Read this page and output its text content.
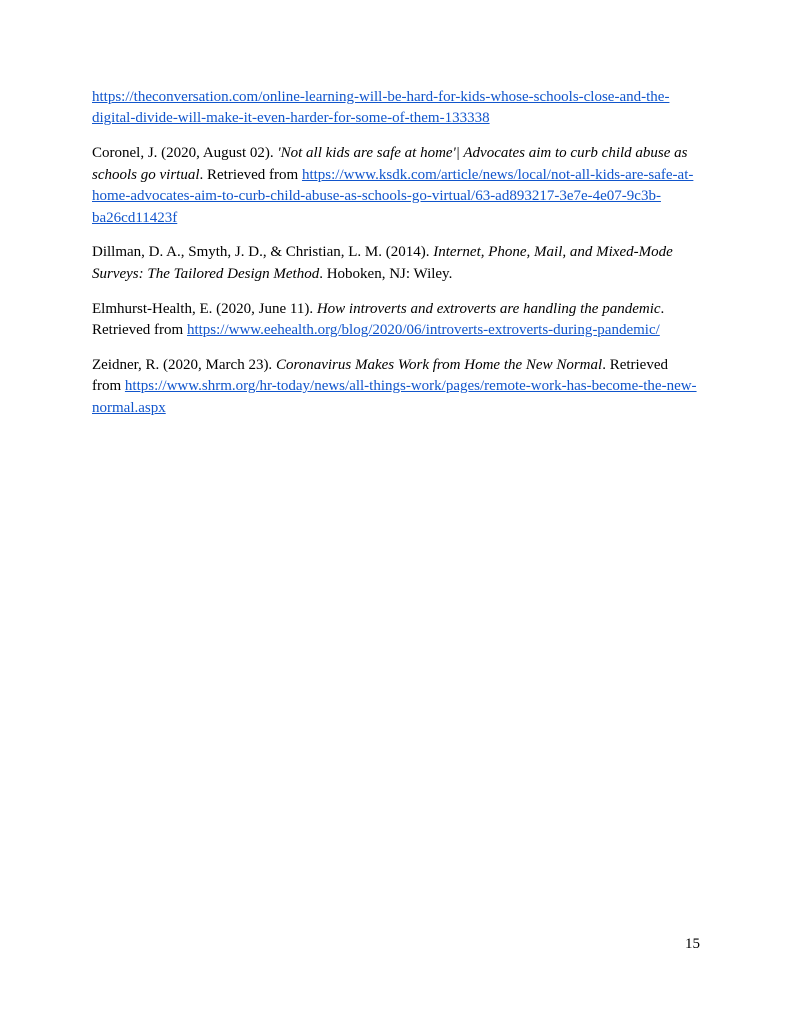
https://theconversation.com/online-learning-will-be-hard-for-kids-whose-schools-close-and-the-digital-divide-will-make-it-even-harder-for-some-of-them-133338

Coronel, J. (2020, August 02). 'Not all kids are safe at home'| Advocates aim to curb child abuse as schools go virtual. Retrieved from https://www.ksdk.com/article/news/local/not-all-kids-are-safe-at-home-advocates-aim-to-curb-child-abuse-as-schools-go-virtual/63-ad893217-3e7e-4e07-9c3b-ba26cd11423f

Dillman, D. A., Smyth, J. D., & Christian, L. M. (2014). Internet, Phone, Mail, and Mixed-Mode Surveys: The Tailored Design Method. Hoboken, NJ: Wiley.

Elmhurst-Health, E. (2020, June 11). How introverts and extroverts are handling the pandemic. Retrieved from https://www.eehealth.org/blog/2020/06/introverts-extroverts-during-pandemic/

Zeidner, R. (2020, March 23). Coronavirus Makes Work from Home the New Normal. Retrieved from https://www.shrm.org/hr-today/news/all-things-work/pages/remote-work-has-become-the-new-normal.aspx

15
